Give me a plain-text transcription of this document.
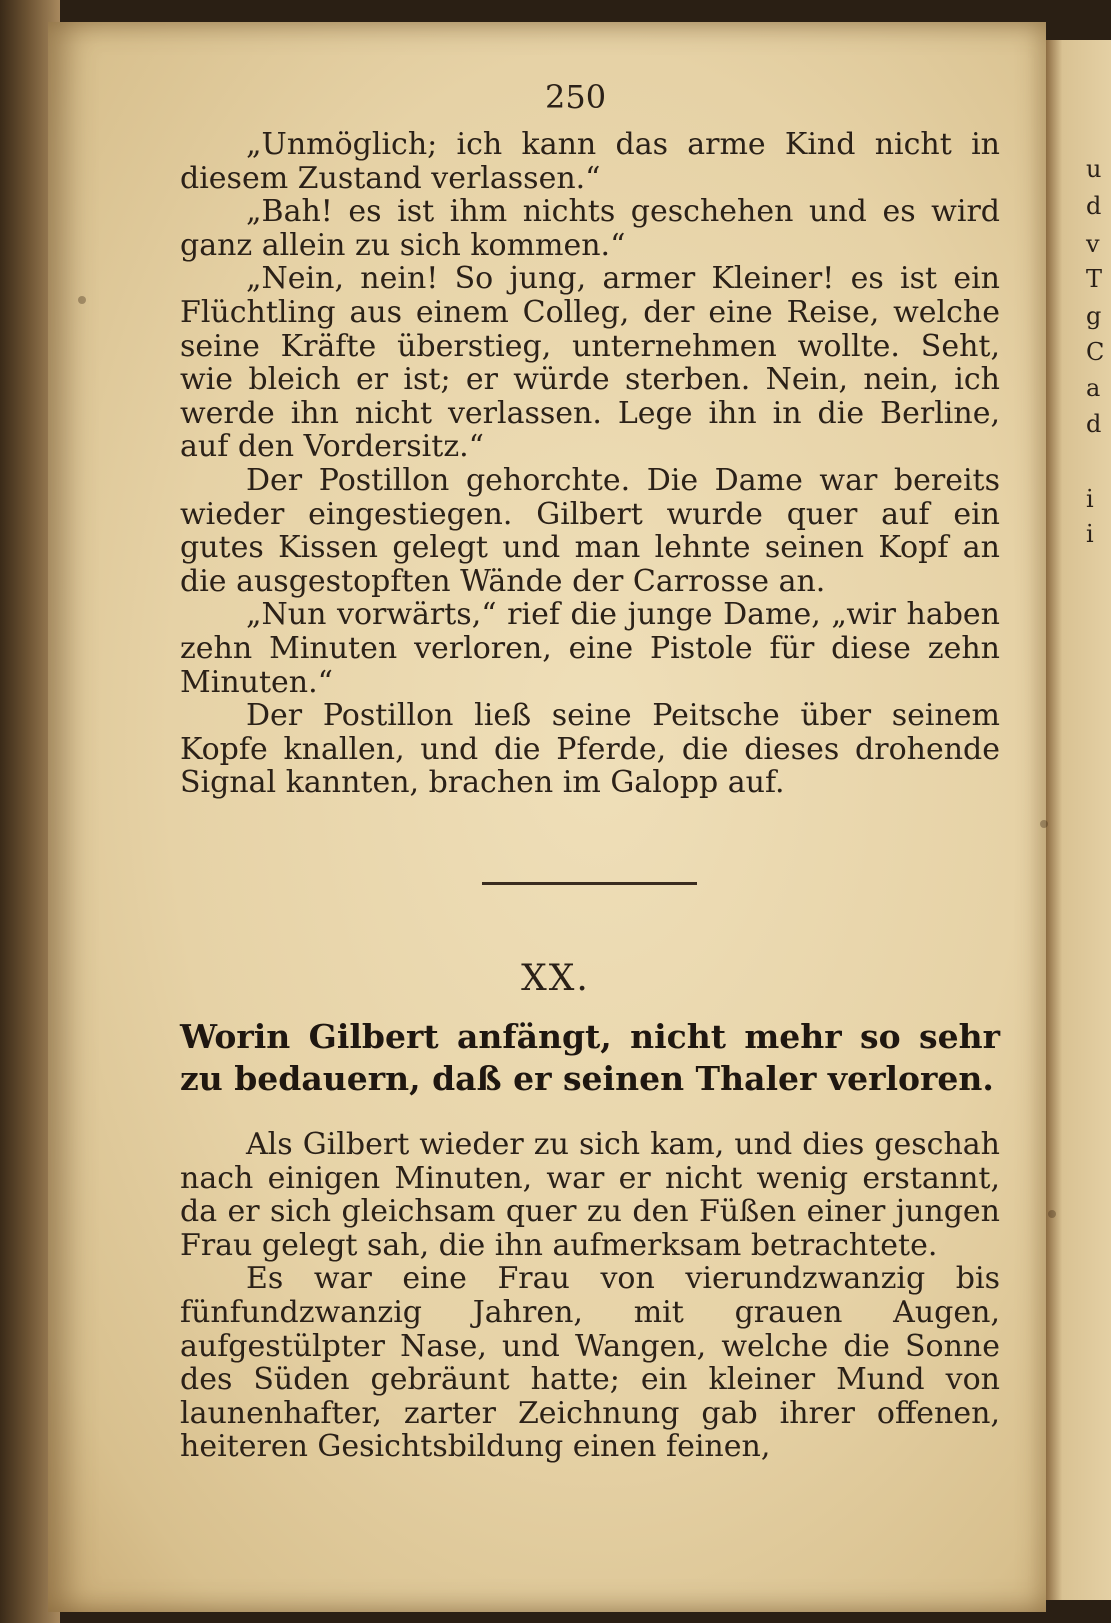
u
d
v
T
g
C
a
d
i
i
250

„Unmöglich; ich kann das arme Kind nicht in diesem Zustand verlassen.“

„Bah! es ist ihm nichts geschehen und es wird ganz allein zu sich kommen.“

„Nein, nein! So jung, armer Kleiner! es ist ein Flüchtling aus einem Colleg, der eine Reise, welche seine Kräfte überstieg, unternehmen wollte. Seht, wie bleich er ist; er würde sterben. Nein, nein, ich werde ihn nicht verlassen. Lege ihn in die Berline, auf den Vordersitz.“

Der Postillon gehorchte. Die Dame war bereits wieder eingestiegen. Gilbert wurde quer auf ein gutes Kissen gelegt und man lehnte seinen Kopf an die ausgestopften Wände der Carrosse an.

„Nun vorwärts,“ rief die junge Dame, „wir haben zehn Minuten verloren, eine Pistole für diese zehn Minuten.“

Der Postillon ließ seine Peitsche über seinem Kopfe knallen, und die Pferde, die dieses drohende Signal kannten, brachen im Galopp auf.

XX.
Worin Gilbert anfängt, nicht mehr so sehr zu bedauern, daß er seinen Thaler verloren.

Als Gilbert wieder zu sich kam, und dies geschah nach einigen Minuten, war er nicht wenig erstannt, da er sich gleichsam quer zu den Füßen einer jungen Frau gelegt sah, die ihn aufmerksam betrachtete.

Es war eine Frau von vierundzwanzig bis fünfundzwanzig Jahren, mit grauen Augen, aufgestülpter Nase, und Wangen, welche die Sonne des Süden gebräunt hatte; ein kleiner Mund von launenhafter, zarter Zeichnung gab ihrer offenen, heiteren Gesichtsbildung einen feinen,
